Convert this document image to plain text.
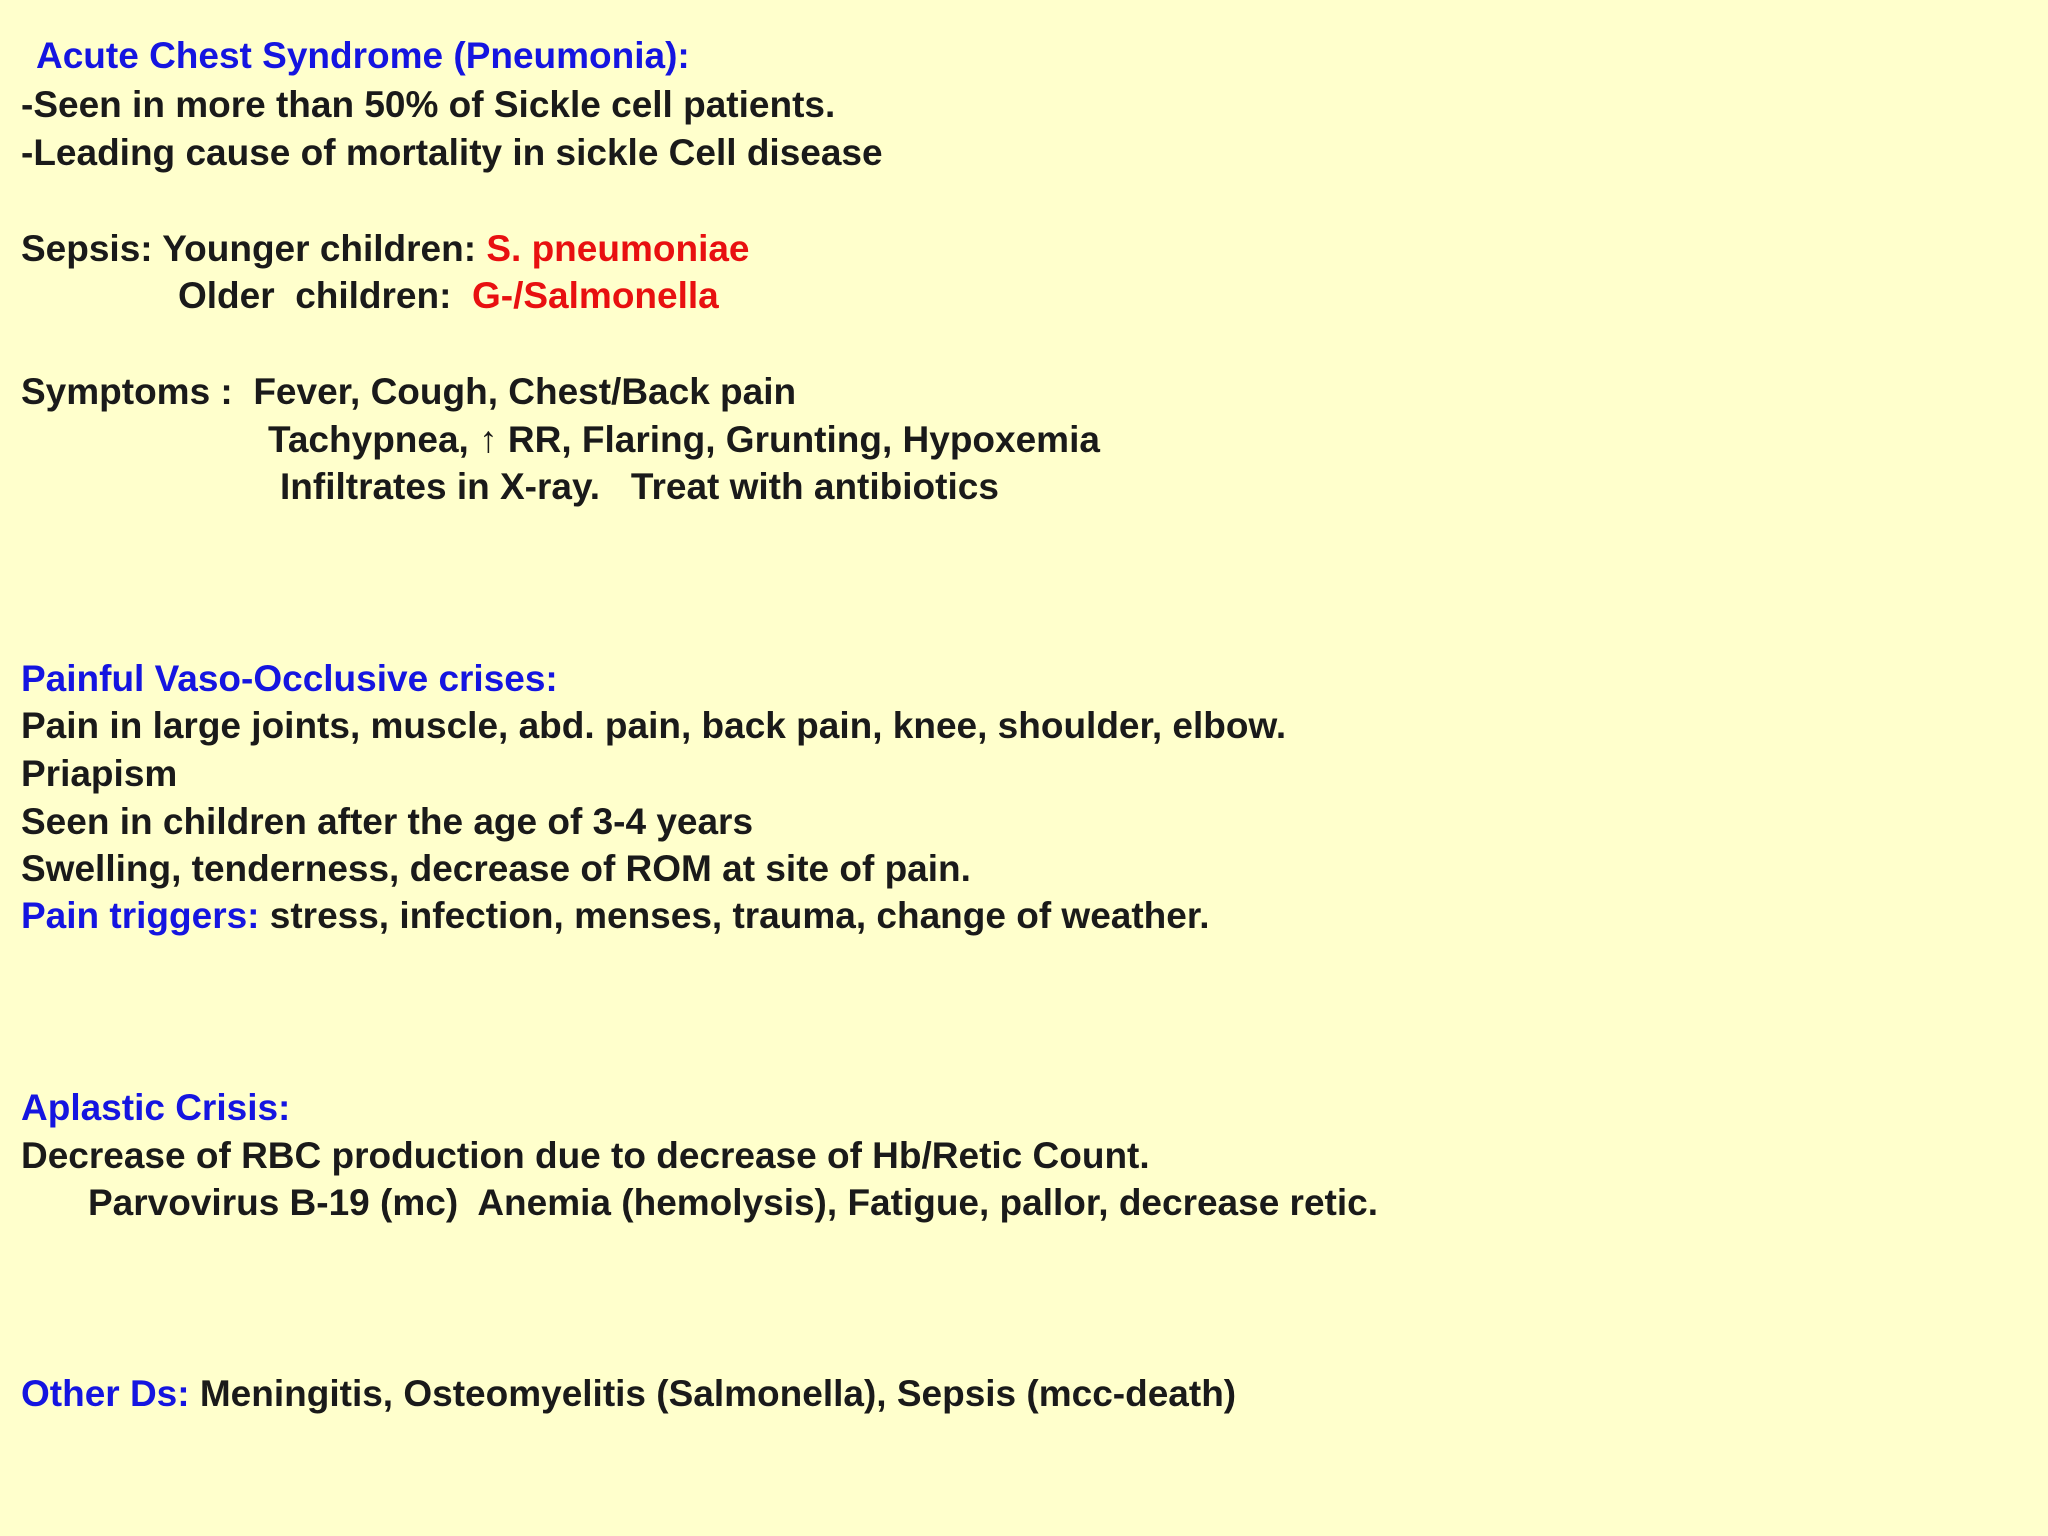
Acute Chest Syndrome (Pneumonia):
-Seen in more than 50% of Sickle cell patients.
-Leading cause of mortality in sickle Cell disease
Sepsis: Younger children: S. pneumoniae
Older  children:  G-/Salmonella
Symptoms :  Fever, Cough, Chest/Back pain
Tachypnea, ↑ RR, Flaring, Grunting, Hypoxemia
Infiltrates in X-ray.   Treat with antibiotics
Painful Vaso-Occlusive crises:
Pain in large joints, muscle, abd. pain, back pain, knee, shoulder, elbow.
Priapism
Seen in children after the age of 3-4 years
Swelling, tenderness, decrease of ROM at site of pain.
Pain triggers: stress, infection, menses, trauma, change of weather.
Aplastic Crisis:
Decrease of RBC production due to decrease of Hb/Retic Count.
Parvovirus B-19 (mc)  Anemia (hemolysis), Fatigue, pallor, decrease retic.
Other Ds: Meningitis, Osteomyelitis (Salmonella), Sepsis (mcc-death)
